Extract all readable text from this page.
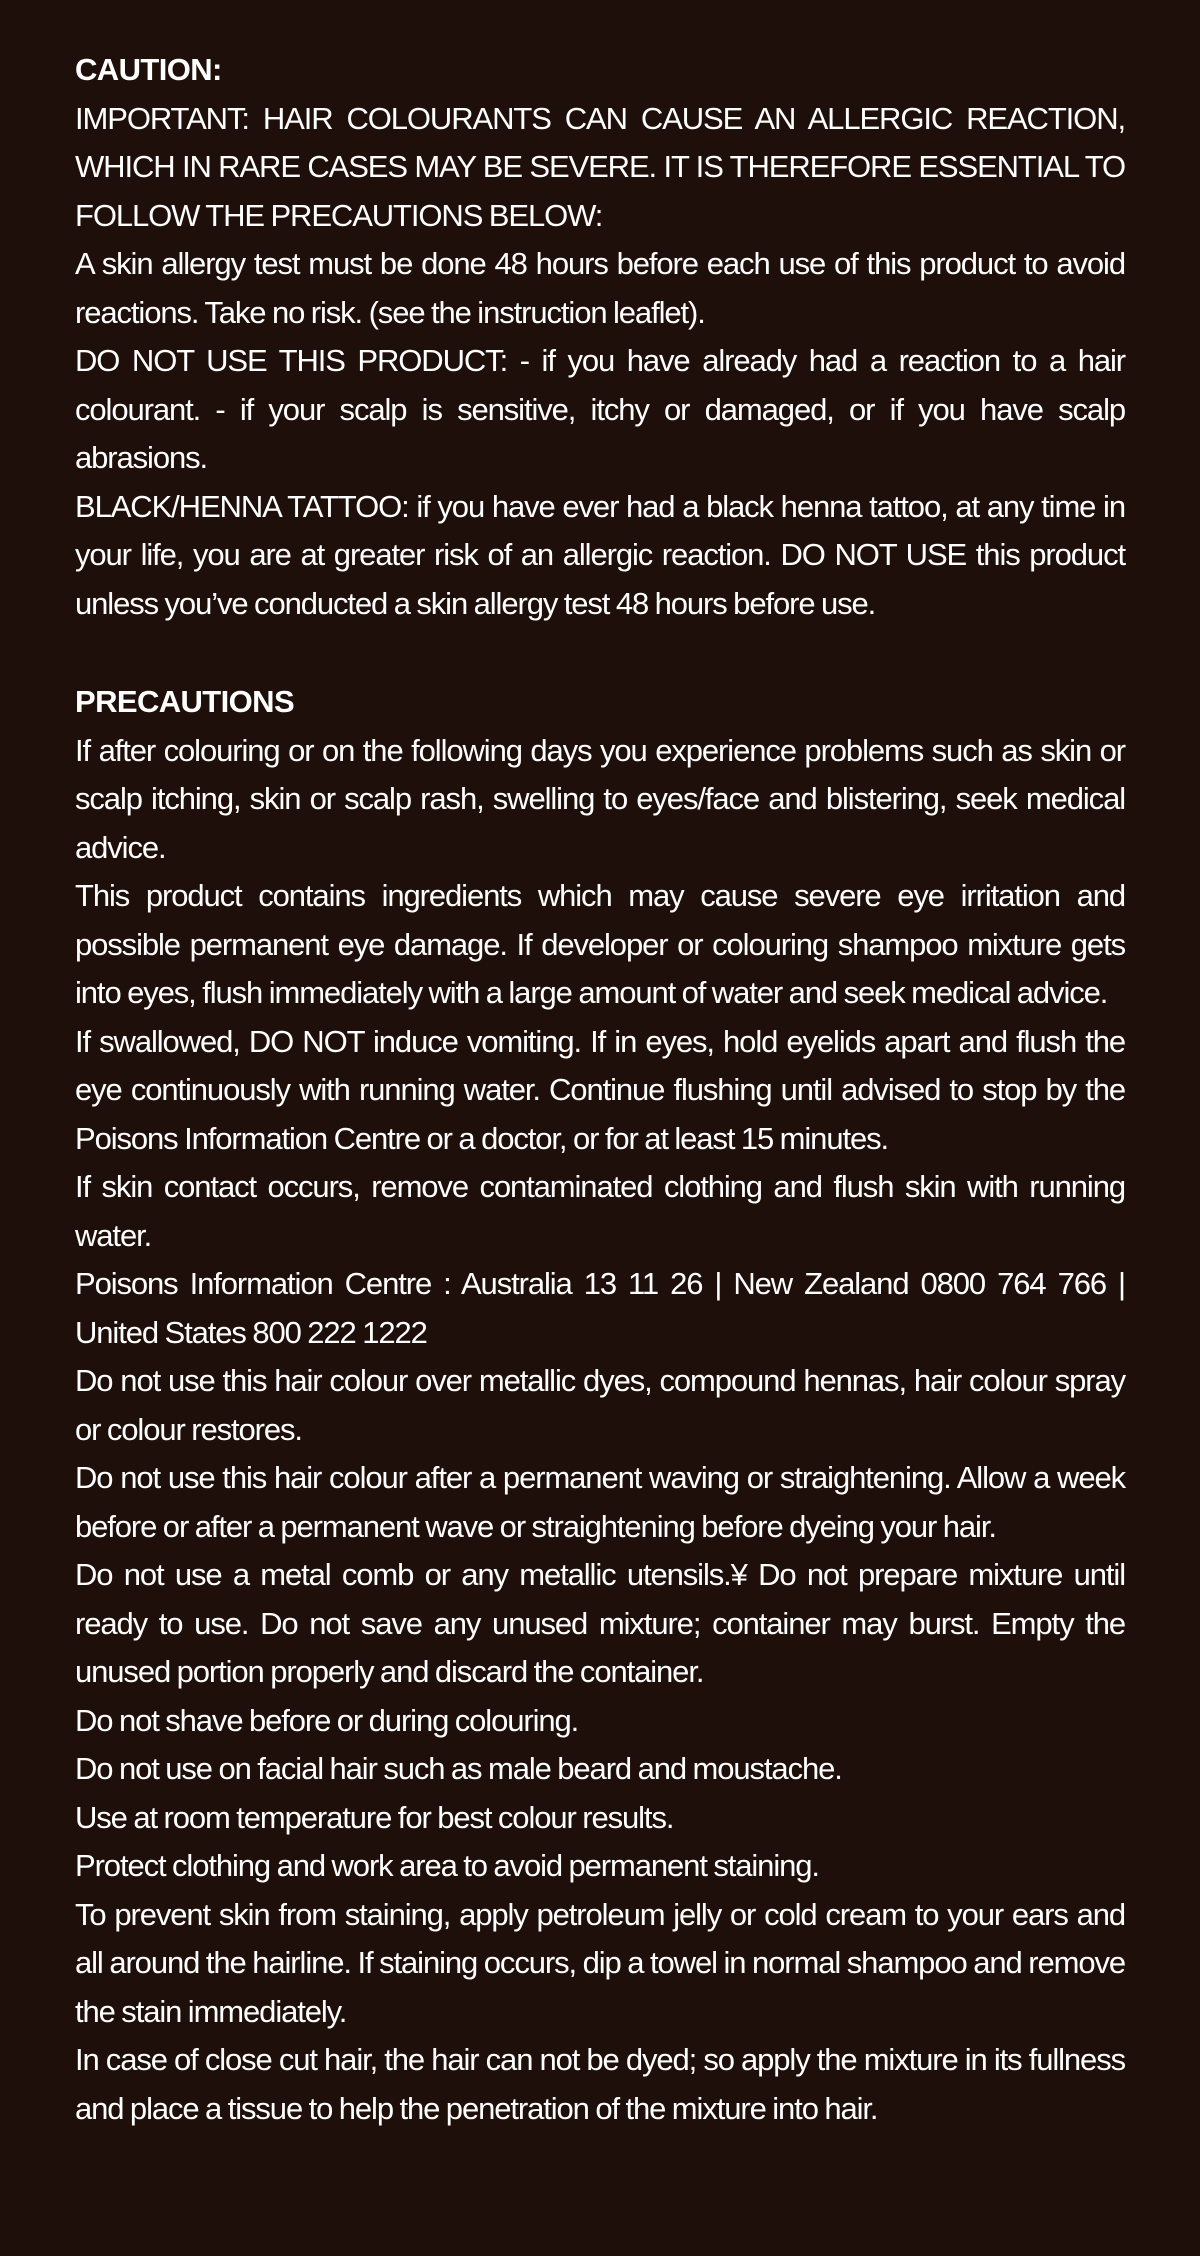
CAUTION:

IMPORTANT: HAIR COLOURANTS CAN CAUSE AN ALLERGIC REACTION, WHICH IN RARE CASES MAY BE SEVERE. IT IS THEREFORE ESSENTIAL TO FOLLOW THE PRECAUTIONS BELOW:

A skin allergy test must be done 48 hours before each use of this product to avoid reactions. Take no risk. (see the instruction leaflet).

DO NOT USE THIS PRODUCT: - if you have already had a reaction to a hair colourant. - if your scalp is sensitive, itchy or damaged, or if you have scalp abrasions.

BLACK/HENNA TATTOO: if you have ever had a black henna tattoo, at any time in your life, you are at greater risk of an allergic reaction. DO NOT USE this product unless you’ve conducted a skin allergy test 48 hours before use.

PRECAUTIONS

If after colouring or on the following days you experience problems such as skin or scalp itching, skin or scalp rash, swelling to eyes/face and blistering, seek medical advice.

This product contains ingredients which may cause severe eye irritation and possible permanent eye damage. If developer or colouring shampoo mixture gets into eyes, flush immediately with a large amount of water and seek medical advice.

If swallowed, DO NOT induce vomiting. If in eyes, hold eyelids apart and flush the eye continuously with running water. Continue flushing until advised to stop by the Poisons Information Centre or a doctor, or for at least 15 minutes.

If skin contact occurs, remove contaminated clothing and flush skin with running water.

Poisons Information Centre : Australia 13 11 26 | New Zealand 0800 764 766 | United States 800 222 1222

Do not use this hair colour over metallic dyes, compound hennas, hair colour spray or colour restores.

Do not use this hair colour after a permanent waving or straightening. Allow a week before or after a permanent wave or straightening before dyeing your hair.

Do not use a metal comb or any metallic utensils.¥ Do not prepare mixture until ready to use. Do not save any unused mixture; container may burst. Empty the unused portion properly and discard the container.

Do not shave before or during colouring.

Do not use on facial hair such as male beard and moustache.

Use at room temperature for best colour results.

Protect clothing and work area to avoid permanent staining.

To prevent skin from staining, apply petroleum jelly or cold cream to your ears and all around the hairline. If staining occurs, dip a towel in normal shampoo and remove the stain immediately.

In case of close cut hair, the hair can not be dyed; so apply the mixture in its fullness and place a tissue to help the penetration of the mixture into hair.
